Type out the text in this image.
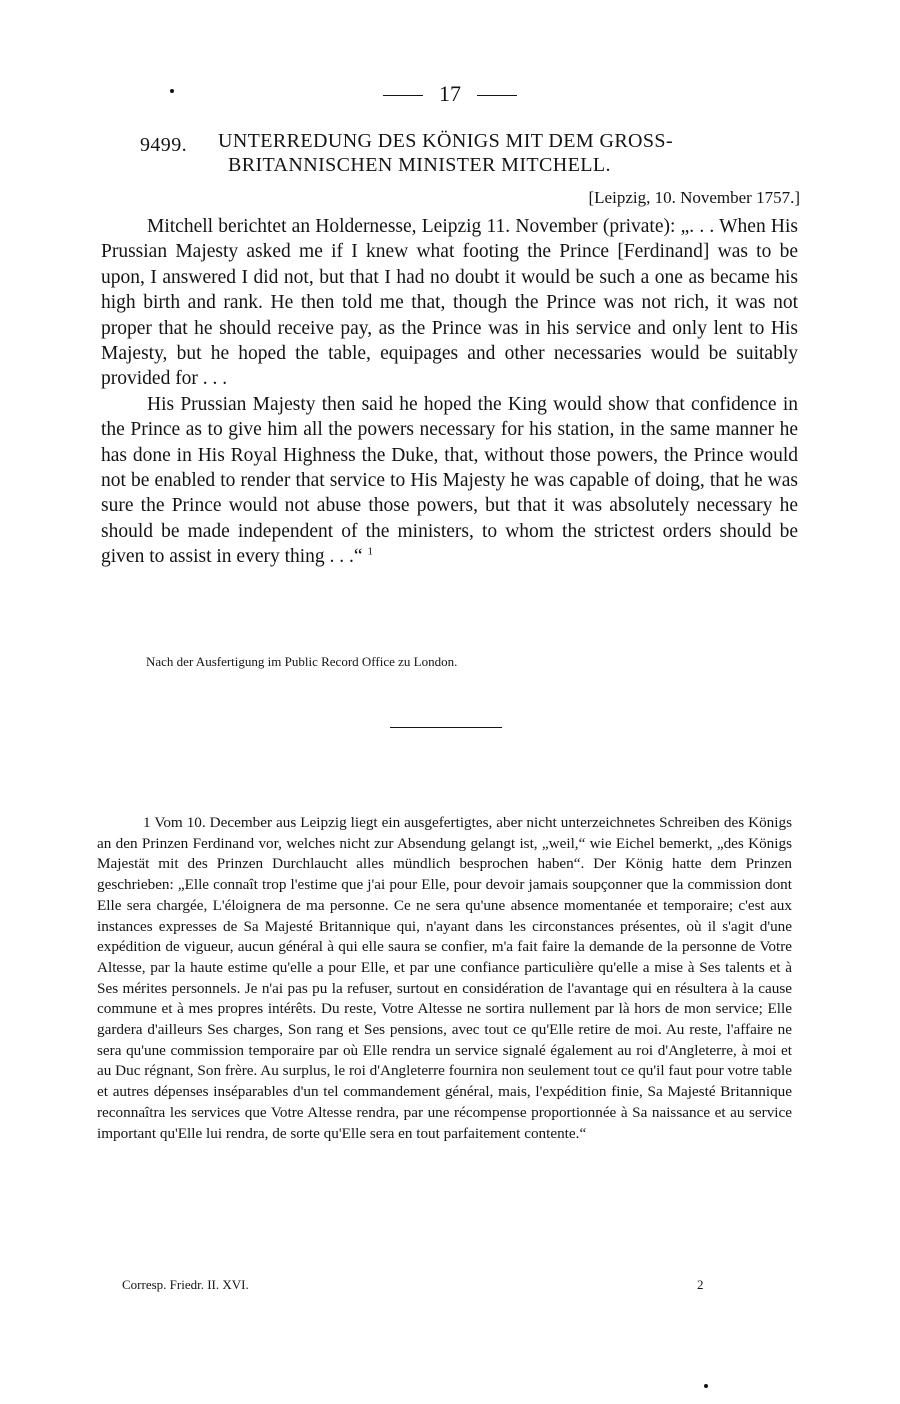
17
9499. UNTERREDUNG DES KÖNIGS MIT DEM GROSS-
BRITANNISCHEN MINISTER MITCHELL.
[Leipzig, 10. November 1757.]

Mitchell berichtet an Holdernesse, Leipzig 11. November (private): „. . . When His Prussian Majesty asked me if I knew what footing the Prince [Ferdinand] was to be upon, I answered I did not, but that I had no doubt it would be such a one as became his high birth and rank. He then told me that, though the Prince was not rich, it was not proper that he should receive pay, as the Prince was in his service and only lent to His Majesty, but he hoped the table, equipages and other necessaries would be suitably provided for . . .

His Prussian Majesty then said he hoped the King would show that confidence in the Prince as to give him all the powers necessary for his station, in the same manner he has done in His Royal Highness the Duke, that, without those powers, the Prince would not be enabled to render that service to His Majesty he was capable of doing, that he was sure the Prince would not abuse those powers, but that it was absolutely necessary he should be made independent of the ministers, to whom the strictest orders should be given to assist in every thing . . .“ $^1$

Nach der Ausfertigung im Public Record Office zu London.

1 Vom 10. December aus Leipzig liegt ein ausgefertigtes, aber nicht unterzeichnetes Schreiben des Königs an den Prinzen Ferdinand vor, welches nicht zur Absendung gelangt ist, „weil,“ wie Eichel bemerkt, „des Königs Majestät mit des Prinzen Durchlaucht alles mündlich besprochen haben“. Der König hatte dem Prinzen geschrieben: „Elle connaît trop l'estime que j'ai pour Elle, pour devoir jamais soupçonner que la commission dont Elle sera chargée, L'éloignera de ma personne. Ce ne sera qu'une absence momentanée et temporaire; c'est aux instances expresses de Sa Majesté Britannique qui, n'ayant dans les circonstances présentes, où il s'agit d'une expédition de vigueur, aucun général à qui elle saura se confier, m'a fait faire la demande de la personne de Votre Altesse, par la haute estime qu'elle a pour Elle, et par une confiance particulière qu'elle a mise à Ses talents et à Ses mérites personnels. Je n'ai pas pu la refuser, surtout en considération de l'avantage qui en résultera à la cause commune et à mes propres intérêts. Du reste, Votre Altesse ne sortira nullement par là hors de mon service; Elle gardera d'ailleurs Ses charges, Son rang et Ses pensions, avec tout ce qu'Elle retire de moi. Au reste, l'affaire ne sera qu'une commission temporaire par où Elle rendra un service signalé également au roi d'Angleterre, à moi et au Duc régnant, Son frère. Au surplus, le roi d'Angleterre fournira non seulement tout ce qu'il faut pour votre table et autres dépenses inséparables d'un tel commandement général, mais, l'expédition finie, Sa Majesté Britannique reconnaîtra les services que Votre Altesse rendra, par une récompense proportionnée à Sa naissance et au service important qu'Elle lui rendra, de sorte qu'Elle sera en tout parfaitement contente.“

Corresp. Friedr. II. XVI.	2
